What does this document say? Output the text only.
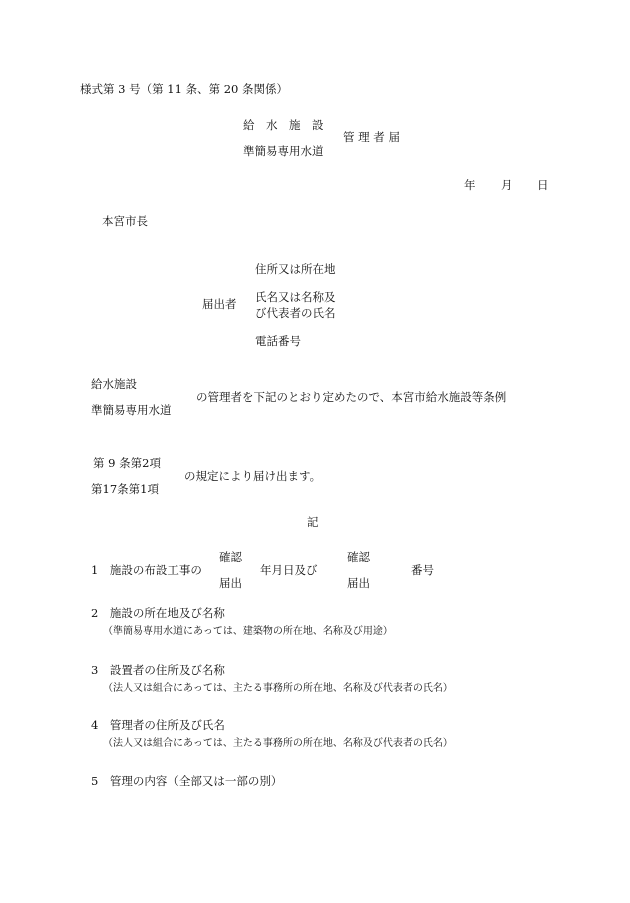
様式第 3 号（第 11 条、第 20 条関係）
給　水　施　設
準簡易専用水道
管 理 者 届
年 月 日
本宮市長
届出者
住所又は所在地
氏名又は名称及
び代表者の氏名
電話番号
給水施設
準簡易専用水道
の管理者を下記のとおり定めたので、本宮市給水施設等条例
第 9 条第2項
第17条第1項
の規定により届け出ます。
記
1　施設の布設工事の
確認
届出
年月日及び
確認
届出
番号
2　施設の所在地及び名称
（準簡易専用水道にあっては、建築物の所在地、名称及び用途）
3　設置者の住所及び名称
（法人又は組合にあっては、主たる事務所の所在地、名称及び代表者の氏名）
4　管理者の住所及び氏名
（法人又は組合にあっては、主たる事務所の所在地、名称及び代表者の氏名）
5　管理の内容（全部又は一部の別）
